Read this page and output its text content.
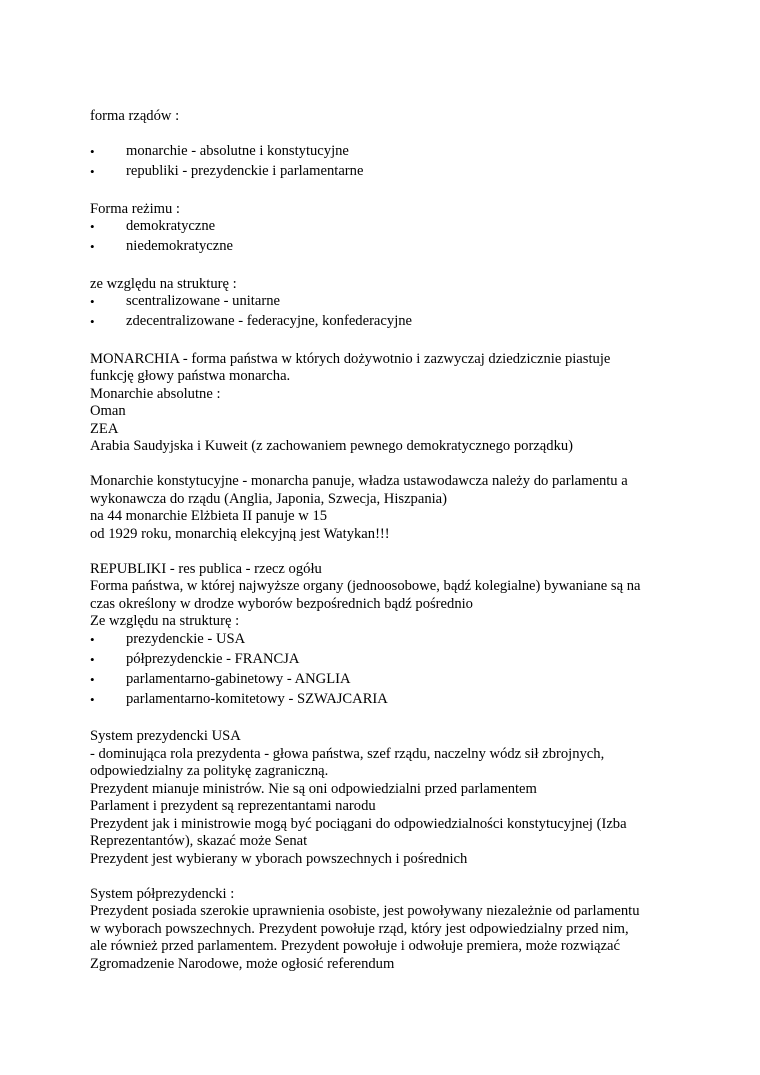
forma rządów :

•	monarchie - absolutne i konstytucyjne
•	republiki - prezydenckie i parlamentarne

Forma reżimu :

•	demokratyczne
•	niedemokratyczne

ze względu na strukturę :

•	scentralizowane - unitarne
•	zdecentralizowane - federacyjne, konfederacyjne

MONARCHIA - forma państwa w których dożywotnio i zazwyczaj dziedzicznie piastuje
funkcję głowy państwa monarcha.

Monarchie absolutne :

Oman

ZEA

Arabia Saudyjska i Kuweit (z zachowaniem pewnego demokratycznego porządku)

Monarchie konstytucyjne - monarcha panuje, władza ustawodawcza należy do parlamentu a
wykonawcza do rządu (Anglia, Japonia, Szwecja, Hiszpania)

na 44 monarchie Elżbieta II panuje w 15

od 1929 roku, monarchią elekcyjną jest Watykan!!!

REPUBLIKI - res publica - rzecz ogółu

Forma państwa, w której najwyższe organy (jednoosobowe, bądź kolegialne) bywaniane są na
czas określony w drodze wyborów bezpośrednich bądź pośrednio

Ze względu na strukturę :

•	prezydenckie - USA
•	półprezydenckie - FRANCJA
•	parlamentarno-gabinetowy - ANGLIA
•	parlamentarno-komitetowy - SZWAJCARIA

System prezydencki USA

- dominująca rola prezydenta - głowa państwa, szef rządu, naczelny wódz sił zbrojnych,

odpowiedzialny za politykę zagraniczną.

Prezydent mianuje ministrów. Nie są oni odpowiedzialni przed parlamentem

Parlament i prezydent są reprezentantami narodu

Prezydent jak i ministrowie mogą być pociągani do odpowiedzialności konstytucyjnej (Izba

Reprezentantów), skazać może Senat

Prezydent jest wybierany w yborach powszechnych i pośrednich

System półprezydencki :

Prezydent posiada szerokie uprawnienia osobiste, jest powoływany niezależnie od parlamentu

w wyborach powszechnych. Prezydent powołuje rząd, który jest odpowiedzialny przed nim,

ale również przed parlamentem. Prezydent powołuje i odwołuje premiera, może rozwiązać

Zgromadzenie Narodowe, może ogłosić referendum
